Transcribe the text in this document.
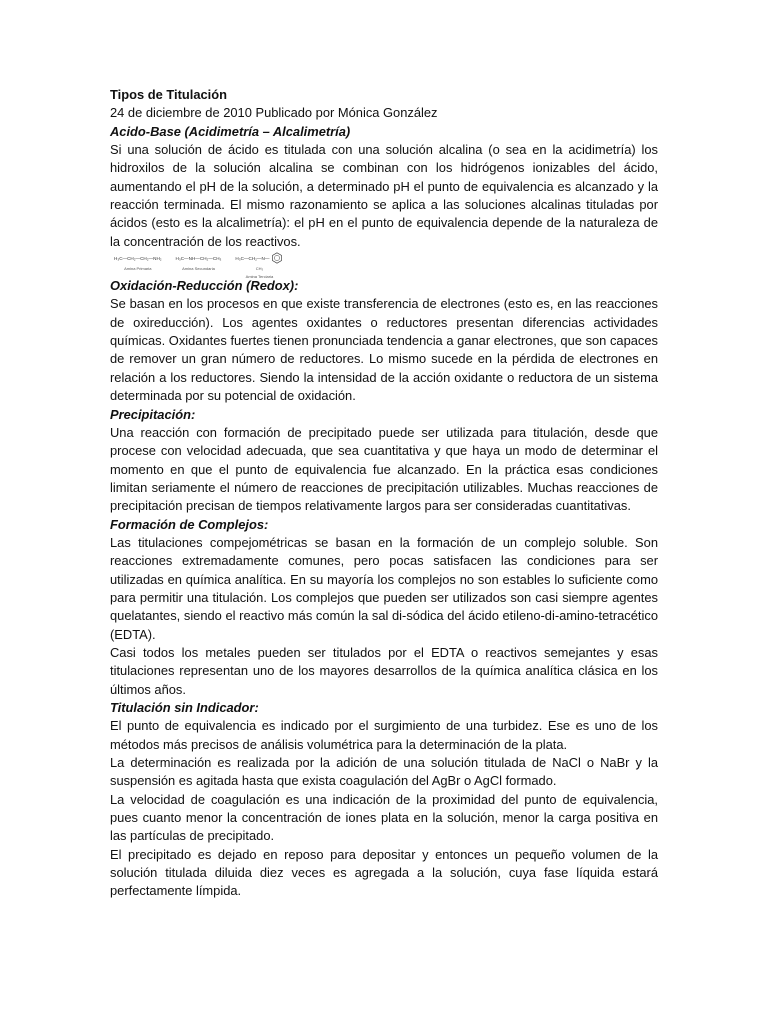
Tipos de Titulación

24 de diciembre de 2010 Publicado por Mónica González

Acido-Base (Acidimetría – Alcalimetría)

Si una solución de ácido es titulada con una solución alcalina (o sea en la acidimetría) los hidroxilos de la solución alcalina se combinan con los hidrógenos ionizables del ácido, aumentando el pH de la solución, a determinado pH el punto de equivalencia es alcanzado y la reacción terminada. El mismo razonamiento se aplica a las soluciones alcalinas tituladas por ácidos (esto es la alcalimetría): el pH en el punto de equivalencia depende de la naturaleza de la concentración de los reactivos.

H₃C—CH₂—CH₂—NH₂
Amina Primaria
H₃C—NH—CH₂—CH₃
Amina Secundaria
H₃C—CH₂—N—
CH₃
Amina Terciaria

Oxidación-Reducción (Redox):

Se basan en los procesos en que existe transferencia de electrones (esto es, en las reacciones de oxireducción). Los agentes oxidantes o reductores presentan diferencias actividades químicas. Oxidantes fuertes tienen pronunciada tendencia a ganar electrones, que son capaces de remover un gran número de reductores. Lo mismo sucede en la pérdida de electrones en relación a los reductores. Siendo la intensidad de la acción oxidante o reductora de un sistema determinada por su potencial de oxidación.

Precipitación:

Una reacción con formación de precipitado puede ser utilizada para titulación, desde que procese con velocidad adecuada, que sea cuantitativa y que haya un modo de determinar el momento en que el punto de equivalencia fue alcanzado. En la práctica esas condiciones limitan seriamente el número de reacciones de precipitación utilizables. Muchas reacciones de precipitación precisan de tiempos relativamente largos para ser consideradas cuantitativas.

Formación de Complejos:

Las titulaciones compejométricas se basan en la formación de un complejo soluble. Son reacciones extremadamente comunes, pero pocas satisfacen las condiciones para ser utilizadas en química analítica. En su mayoría los complejos no son estables lo suficiente como para permitir una titulación. Los complejos que pueden ser utilizados son casi siempre agentes quelatantes, siendo el reactivo más común la sal di-sódica del ácido etileno-di-amino-tetracético (EDTA).

Casi todos los metales pueden ser titulados por el EDTA o reactivos semejantes y esas titulaciones representan uno de los mayores desarrollos de la química analítica clásica en los últimos años.

Titulación sin Indicador:

El punto de equivalencia es indicado por el surgimiento de una turbidez. Ese es uno de los métodos más precisos de análisis volumétrica para la determinación de la plata.

La determinación es realizada por la adición de una solución titulada de NaCl o NaBr y la suspensión es agitada hasta que exista coagulación del AgBr o AgCl formado.

La velocidad de coagulación es una indicación de la proximidad del punto de equivalencia, pues cuanto menor la concentración de iones plata en la solución, menor la carga positiva en las partículas de precipitado.

El precipitado es dejado en reposo para depositar y entonces un pequeño volumen de la solución titulada diluida diez veces es agregada a la solución, cuya fase líquida estará perfectamente límpida.
